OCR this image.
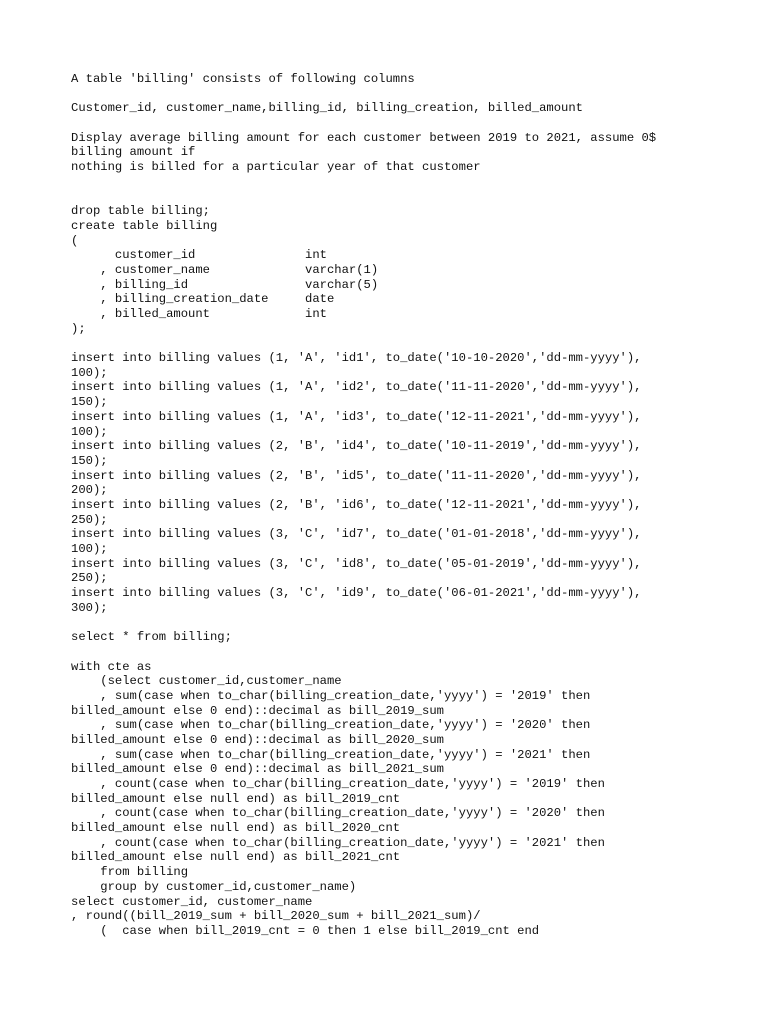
A table 'billing' consists of following columns
Customer_id, customer_name,billing_id, billing_creation, billed_amount
Display average billing amount for each customer between 2019 to 2021, assume 0$
billing amount if
nothing is billed for a particular year of that customer
drop table billing;
create table billing
(
customer_id               int
, customer_name             varchar(1)
, billing_id                varchar(5)
, billing_creation_date     date
, billed_amount             int
);
insert into billing values (1, 'A', 'id1', to_date('10-10-2020','dd-mm-yyyy'),
100);
insert into billing values (1, 'A', 'id2', to_date('11-11-2020','dd-mm-yyyy'),
150);
insert into billing values (1, 'A', 'id3', to_date('12-11-2021','dd-mm-yyyy'),
100);
insert into billing values (2, 'B', 'id4', to_date('10-11-2019','dd-mm-yyyy'),
150);
insert into billing values (2, 'B', 'id5', to_date('11-11-2020','dd-mm-yyyy'),
200);
insert into billing values (2, 'B', 'id6', to_date('12-11-2021','dd-mm-yyyy'),
250);
insert into billing values (3, 'C', 'id7', to_date('01-01-2018','dd-mm-yyyy'),
100);
insert into billing values (3, 'C', 'id8', to_date('05-01-2019','dd-mm-yyyy'),
250);
insert into billing values (3, 'C', 'id9', to_date('06-01-2021','dd-mm-yyyy'),
300);
select * from billing;
with cte as
(select customer_id,customer_name
, sum(case when to_char(billing_creation_date,'yyyy') = '2019' then
billed_amount else 0 end)::decimal as bill_2019_sum
, sum(case when to_char(billing_creation_date,'yyyy') = '2020' then
billed_amount else 0 end)::decimal as bill_2020_sum
, sum(case when to_char(billing_creation_date,'yyyy') = '2021' then
billed_amount else 0 end)::decimal as bill_2021_sum
, count(case when to_char(billing_creation_date,'yyyy') = '2019' then
billed_amount else null end) as bill_2019_cnt
, count(case when to_char(billing_creation_date,'yyyy') = '2020' then
billed_amount else null end) as bill_2020_cnt
, count(case when to_char(billing_creation_date,'yyyy') = '2021' then
billed_amount else null end) as bill_2021_cnt
from billing
group by customer_id,customer_name)
select customer_id, customer_name
, round((bill_2019_sum + bill_2020_sum + bill_2021_sum)/
(  case when bill_2019_cnt = 0 then 1 else bill_2019_cnt end
